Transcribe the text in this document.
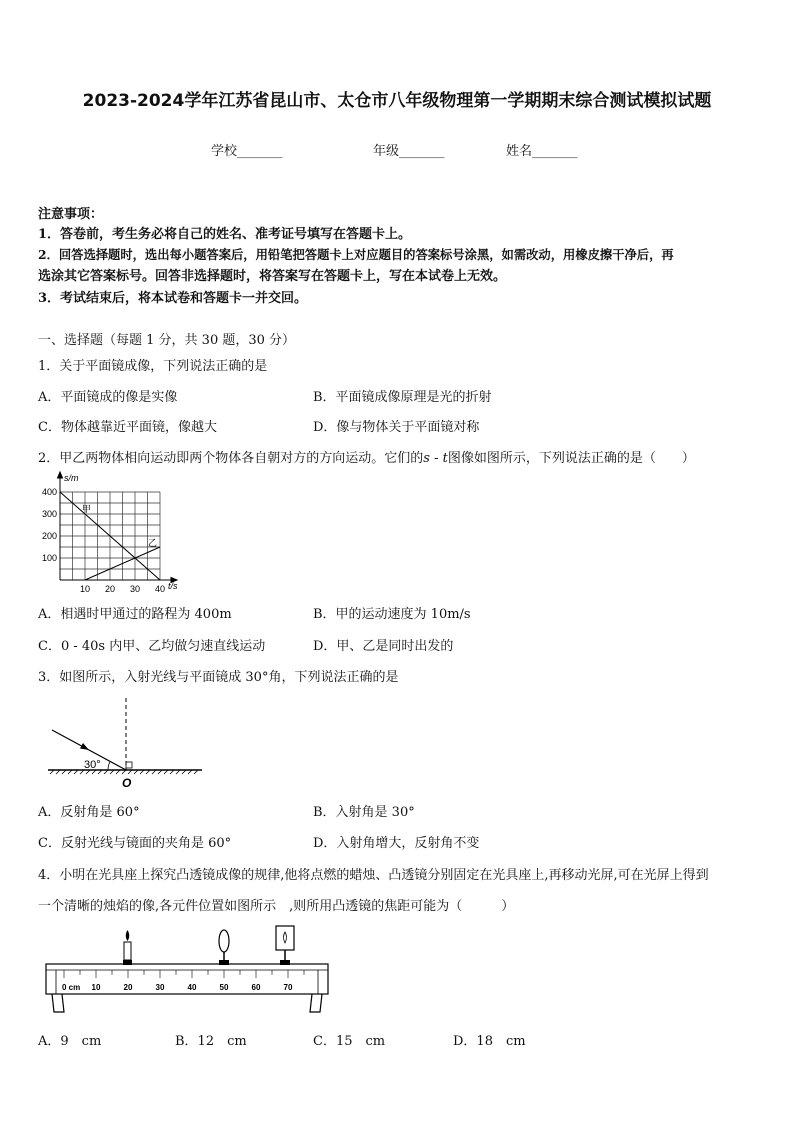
2023-2024学年江苏省昆山市、太仓市八年级物理第一学期期末综合测试模拟试题
学校_______	年级_______	姓名_______
注意事项：
1．答卷前，考生务必将自己的姓名、准考证号填写在答题卡上。
2．回答选择题时，选出每小题答案后，用铅笔把答题卡上对应题目的答案标号涂黑，如需改动，用橡皮擦干净后，再
选涂其它答案标号。回答非选择题时，将答案写在答题卡上，写在本试卷上无效。
3．考试结束后，将本试卷和答题卡一并交回。
一、选择题（每题 1 分，共 30 题，30 分）
1．关于平面镜成像，下列说法正确的是
A．平面镜成的像是实像	B．平面镜成像原理是光的折射
C．物体越靠近平面镜，像越大	D．像与物体关于平面镜对称
2．甲乙两物体相向运动即两个物体各自朝对方的方向运动。它们的s - t图像如图所示，下列说法正确的是（　　）
s/m
t/s
400
300
200
100
10 20 30 40
甲
乙
A．相遇时甲通过的路程为 400m	B．甲的运动速度为 10m/s
C．0 - 40s 内甲、乙均做匀速直线运动	D．甲、乙是同时出发的
3．如图所示，入射光线与平面镜成 30°角，下列说法正确的是
30°
O
A．反射角是 60°	B．入射角是 30°
C．反射光线与镜面的夹角是 60°	D．入射角增大，反射角不变
4．小明在光具座上探究凸透镜成像的规律,他将点燃的蜡烛、凸透镜分别固定在光具座上,再移动光屏,可在光屏上得到
一个清晰的烛焰的像,各元件位置如图所示　,则所用凸透镜的焦距可能为（　　　）
0 cm 10	20	30	40	50	60	70
A．9　cm	B．12　cm	C．15　cm	D．18　cm
